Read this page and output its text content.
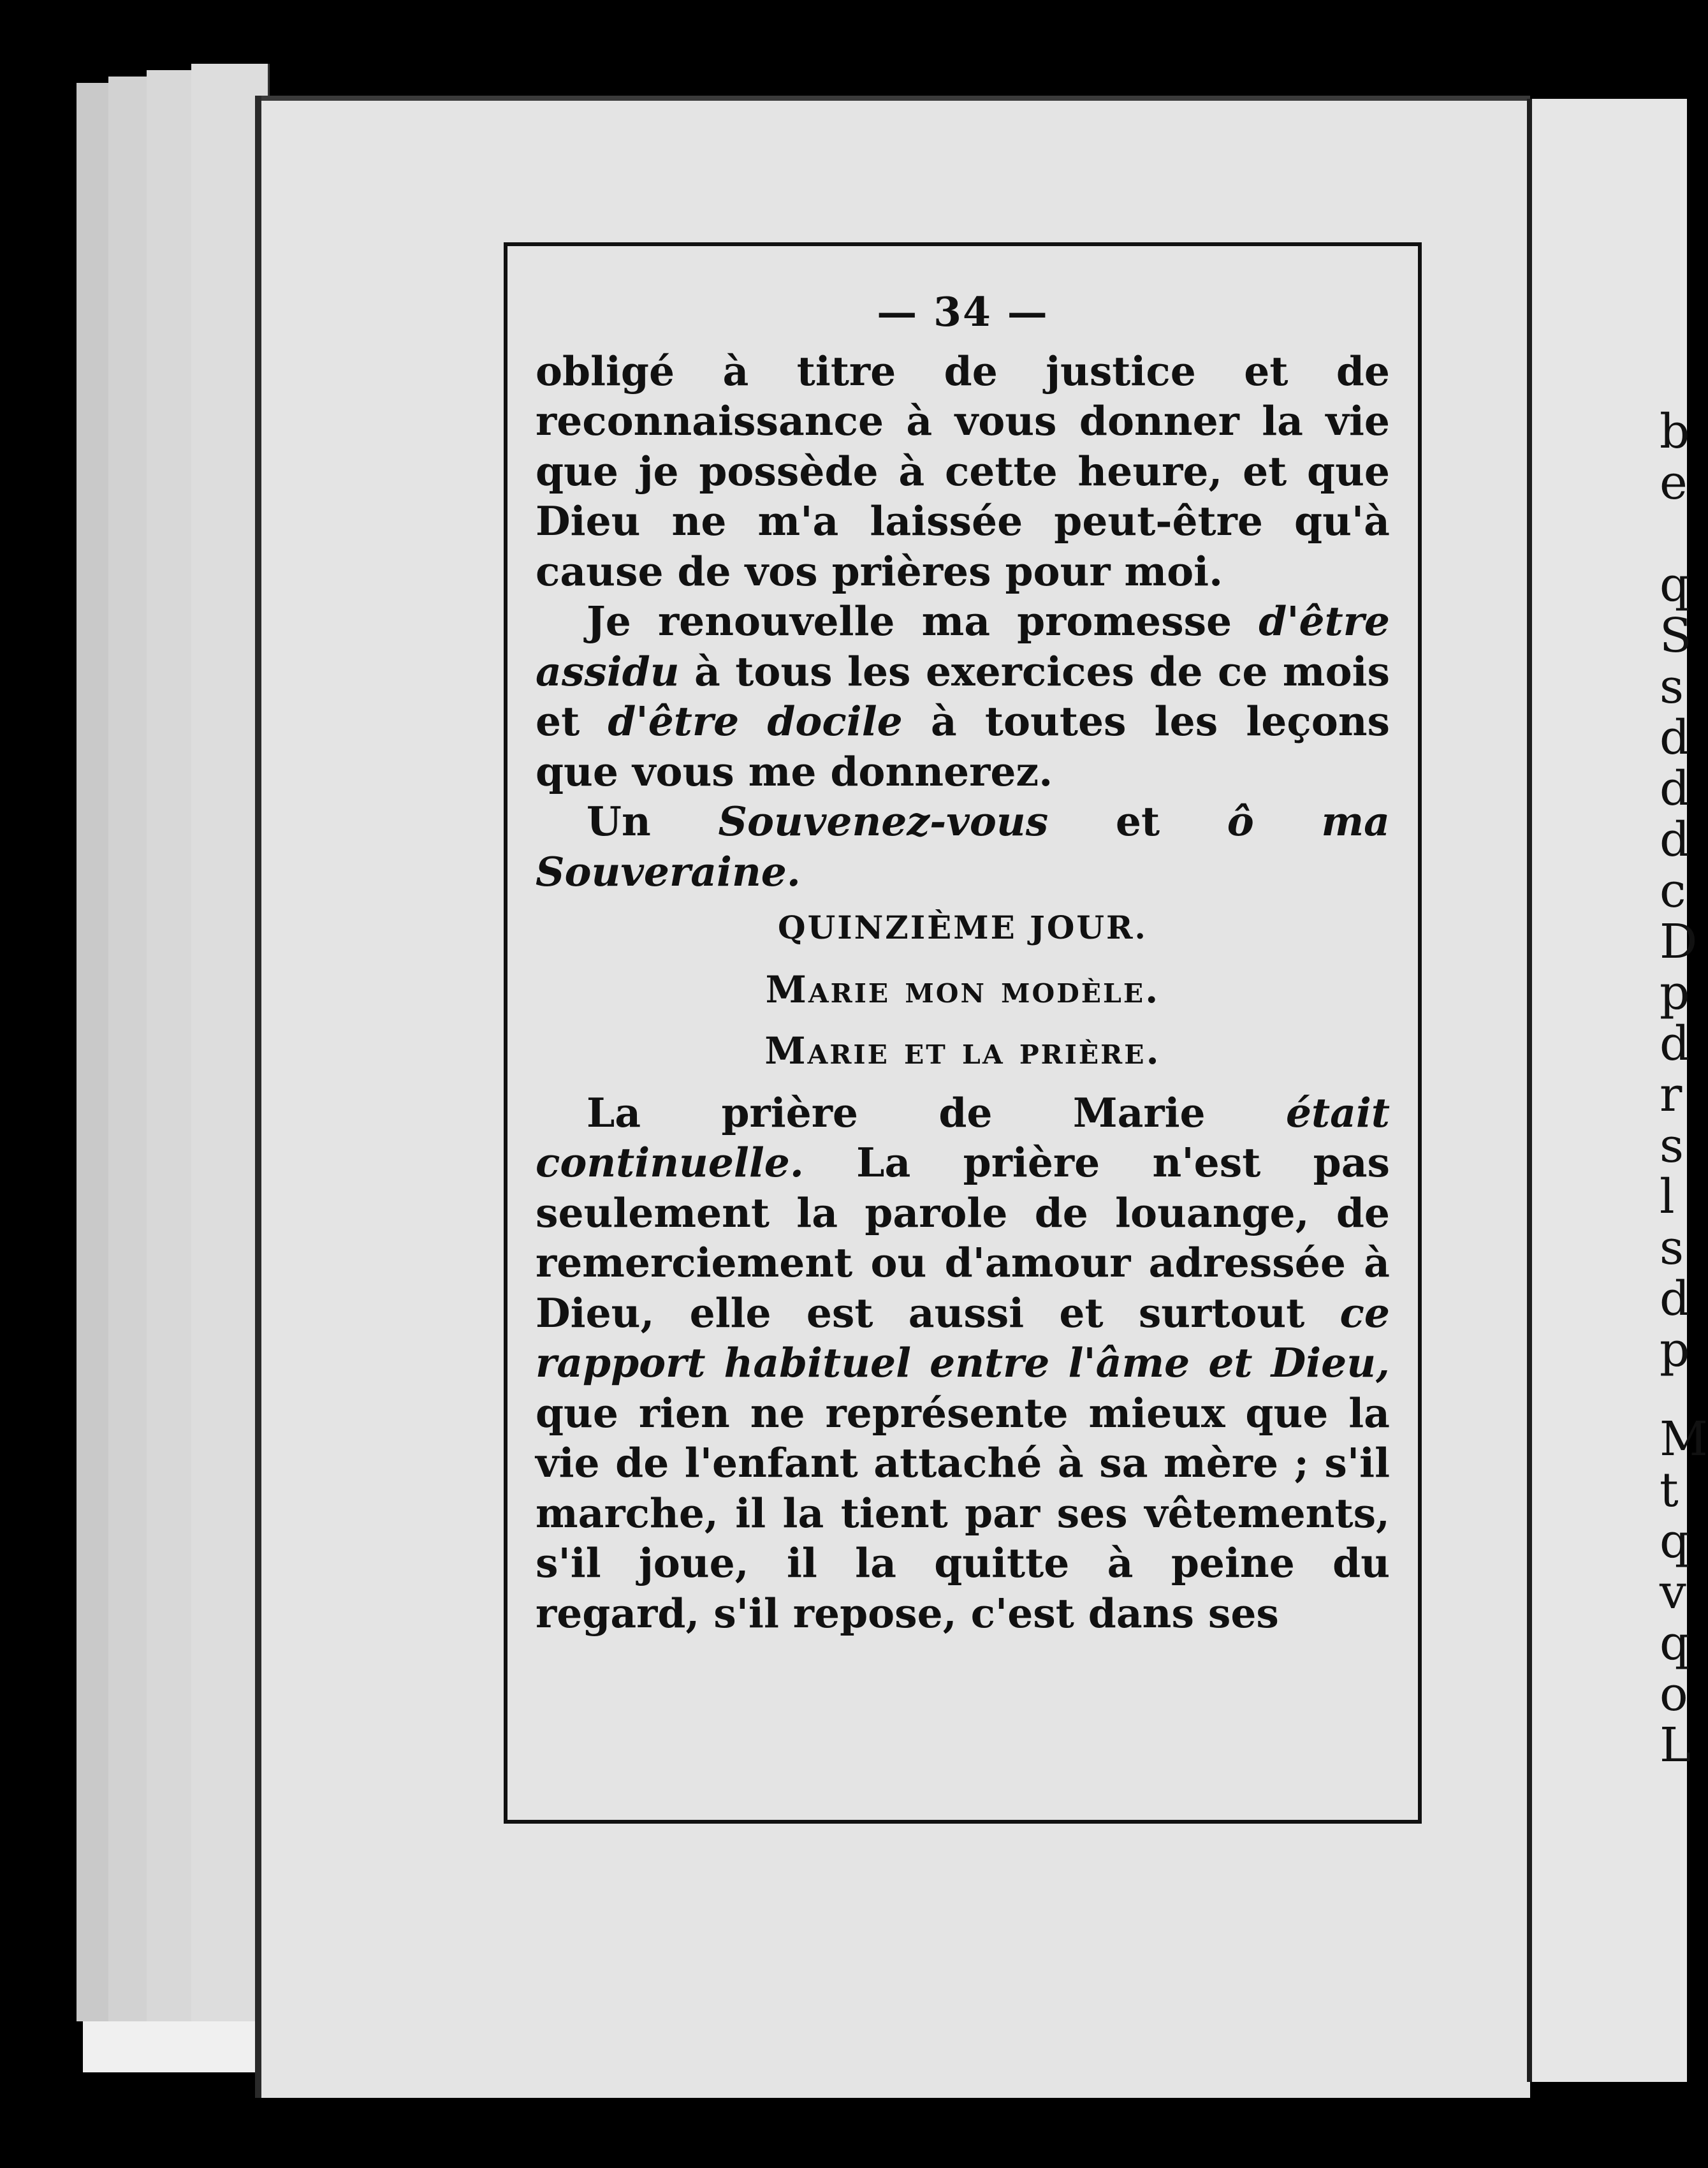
b
e
q
S
s
d
d
d
c
D
p
d
r
s
l
s
d
p
M
t
q
v
q
o
L
— 34 —

obligé à titre de justice et de reconnaissance à vous donner la vie que je possède à cette heure, et que Dieu ne m'a laissée peut-être qu'à cause de vos prières pour moi.

Je renouvelle ma promesse d'être assidu à tous les exercices de ce mois et d'être docile à toutes les leçons que vous me donnerez.

Un Souvenez-vous et ô ma Souveraine.

QUINZIÈME JOUR.
Marie mon modèle.
Marie et la prière.

La prière de Marie était continuelle. La prière n'est pas seulement la parole de louange, de remerciement ou d'amour adressée à Dieu, elle est aussi et surtout ce rapport habituel entre l'âme et Dieu, que rien ne représente mieux que la vie de l'enfant attaché à sa mère ; s'il marche, il la tient par ses vêtements, s'il joue, il la quitte à peine du regard, s'il repose, c'est dans ses
